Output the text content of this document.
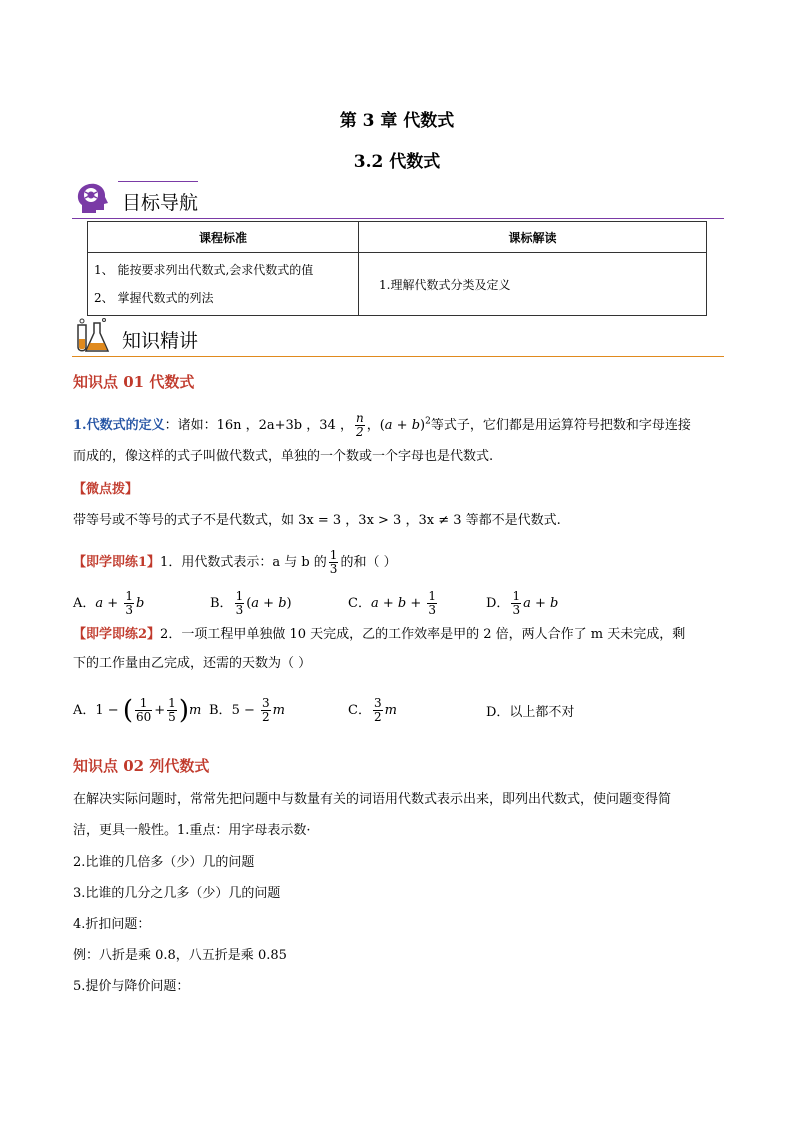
第 3 章 代数式
3.2 代数式
目标导航
课程标准	课标解读

1、 能按要求列出代数式,会求代数式的值
2、 掌握代数式的列法	1.理解代数式分类及定义
知识精讲
知识点 01 代数式
1.代数式的定义：诸如：16n ，2a+3b ，34 ， $\frac{n}{2}$ ，$(a + b)^2$等式子，它们都是用运算符号把数和字母连接
而成的，像这样的式子叫做代数式，单独的一个数或一个字母也是代数式.
【微点拨】
带等号或不等号的式子不是代数式，如 3x = 3 ，3x > 3 ，3x ≠ 3 等都不是代数式.
【即学即练1】1．用代数式表示：a 与 b 的 $\frac{1}{3}$ 的和（ ）
A．$a + \frac{1}{3}$ b	B． $\frac{1}{3} (a + b)$	C．$a + b + \frac{1}{3}$	D． $\frac{1}{3}$ a + b
【即学即练2】2．一项工程甲单独做 10 天完成，乙的工作效率是甲的 2 倍，两人合作了 m 天未完成，剩
下的工作量由乙完成，还需的天数为（ ）
A．1 − ( $\frac{1}{60} + \frac{1}{5} )m$ B．$5 - \frac{3}{2}$ m	C． $\frac{3}{2}$ m	D．以上都不对
知识点 02 列代数式
在解决实际问题时，常常先把问题中与数量有关的词语用代数式表示出来，即列出代数式，使问题变得简
洁，更具一般性。1.重点：用字母表示数·
2.比谁的几倍多（少）几的问题
3.比谁的几分之几多（少）几的问题
4.折扣问题：
例：八折是乘 0.8，八五折是乘 0.85
5.提价与降价问题：
